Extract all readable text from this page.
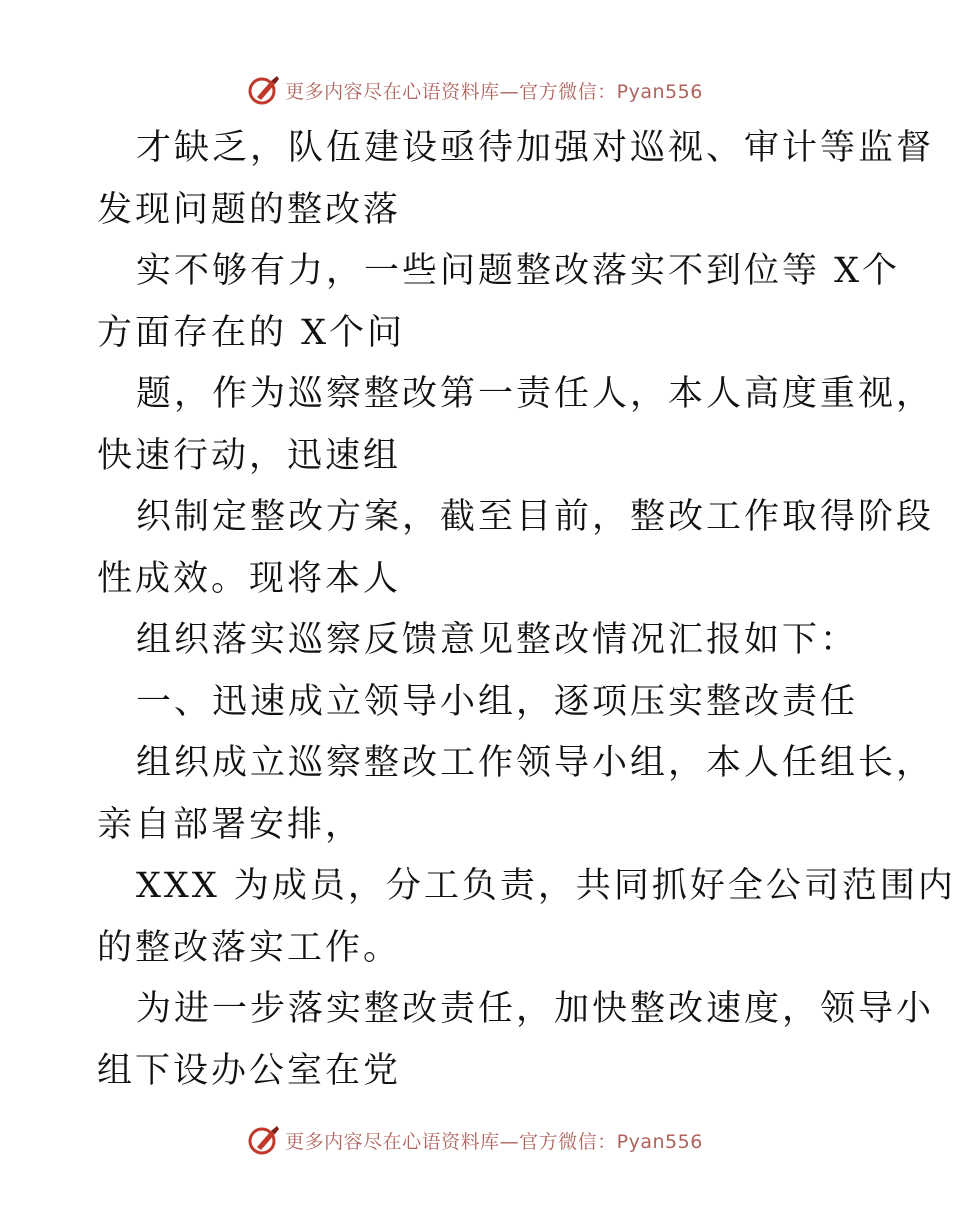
更多内容尽在心语资料库—官方微信：Pyan556
才缺乏，队伍建设亟待加强对巡视、审计等监督
发现问题的整改落
实不够有力，一些问题整改落实不到位等 X个
方面存在的 X个问
题，作为巡察整改第一责任人，本人高度重视，
快速行动，迅速组
织制定整改方案，截至目前，整改工作取得阶段
性成效。现将本人
组织落实巡察反馈意见整改情况汇报如下：
一、迅速成立领导小组，逐项压实整改责任
组织成立巡察整改工作领导小组，本人任组长，
亲自部署安排，
XXX 为成员，分工负责，共同抓好全公司范围内
的整改落实工作。
为进一步落实整改责任，加快整改速度，领导小
组下设办公室在党
更多内容尽在心语资料库—官方微信：Pyan556
